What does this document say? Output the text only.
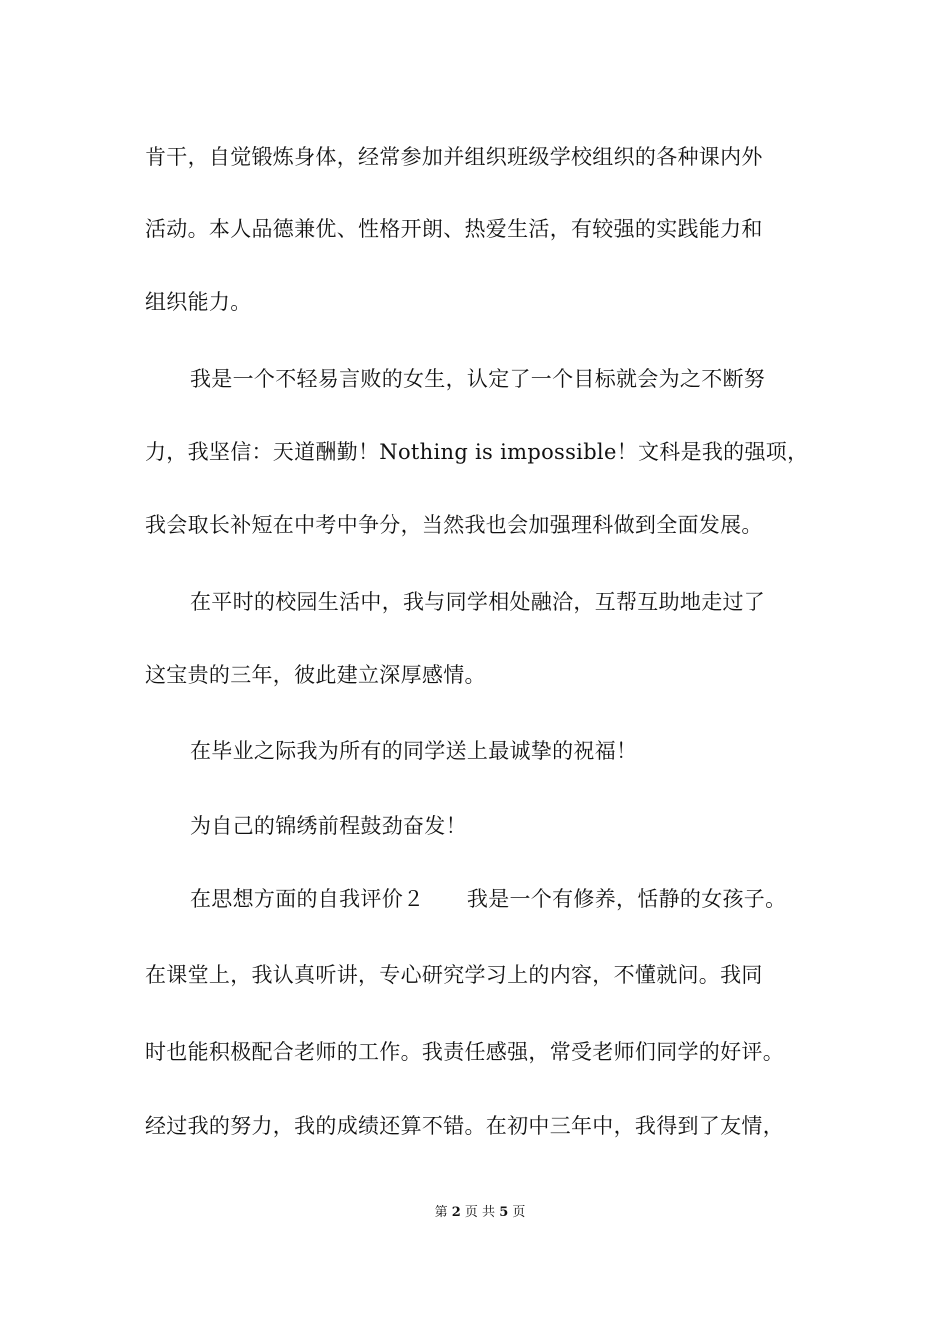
肯干，自觉锻炼身体，经常参加并组织班级学校组织的各种课内外
活动。本人品德兼优、性格开朗、热爱生活，有较强的实践能力和
组织能力。
我是一个不轻易言败的女生，认定了一个目标就会为之不断努
力，我坚信：天道酬勤！Nothing is impossible！文科是我的强项，
我会取长补短在中考中争分，当然我也会加强理科做到全面发展。
在平时的校园生活中，我与同学相处融洽，互帮互助地走过了
这宝贵的三年，彼此建立深厚感情。
在毕业之际我为所有的同学送上最诚挚的祝福！
为自己的锦绣前程鼓劲奋发！
在思想方面的自我评价２　　我是一个有修养，恬静的女孩子。
在课堂上，我认真听讲，专心研究学习上的内容，不懂就问。我同
时也能积极配合老师的工作。我责任感强，常受老师们同学的好评。
经过我的努力，我的成绩还算不错。在初中三年中，我得到了友情，
第 2 页 共 5 页
